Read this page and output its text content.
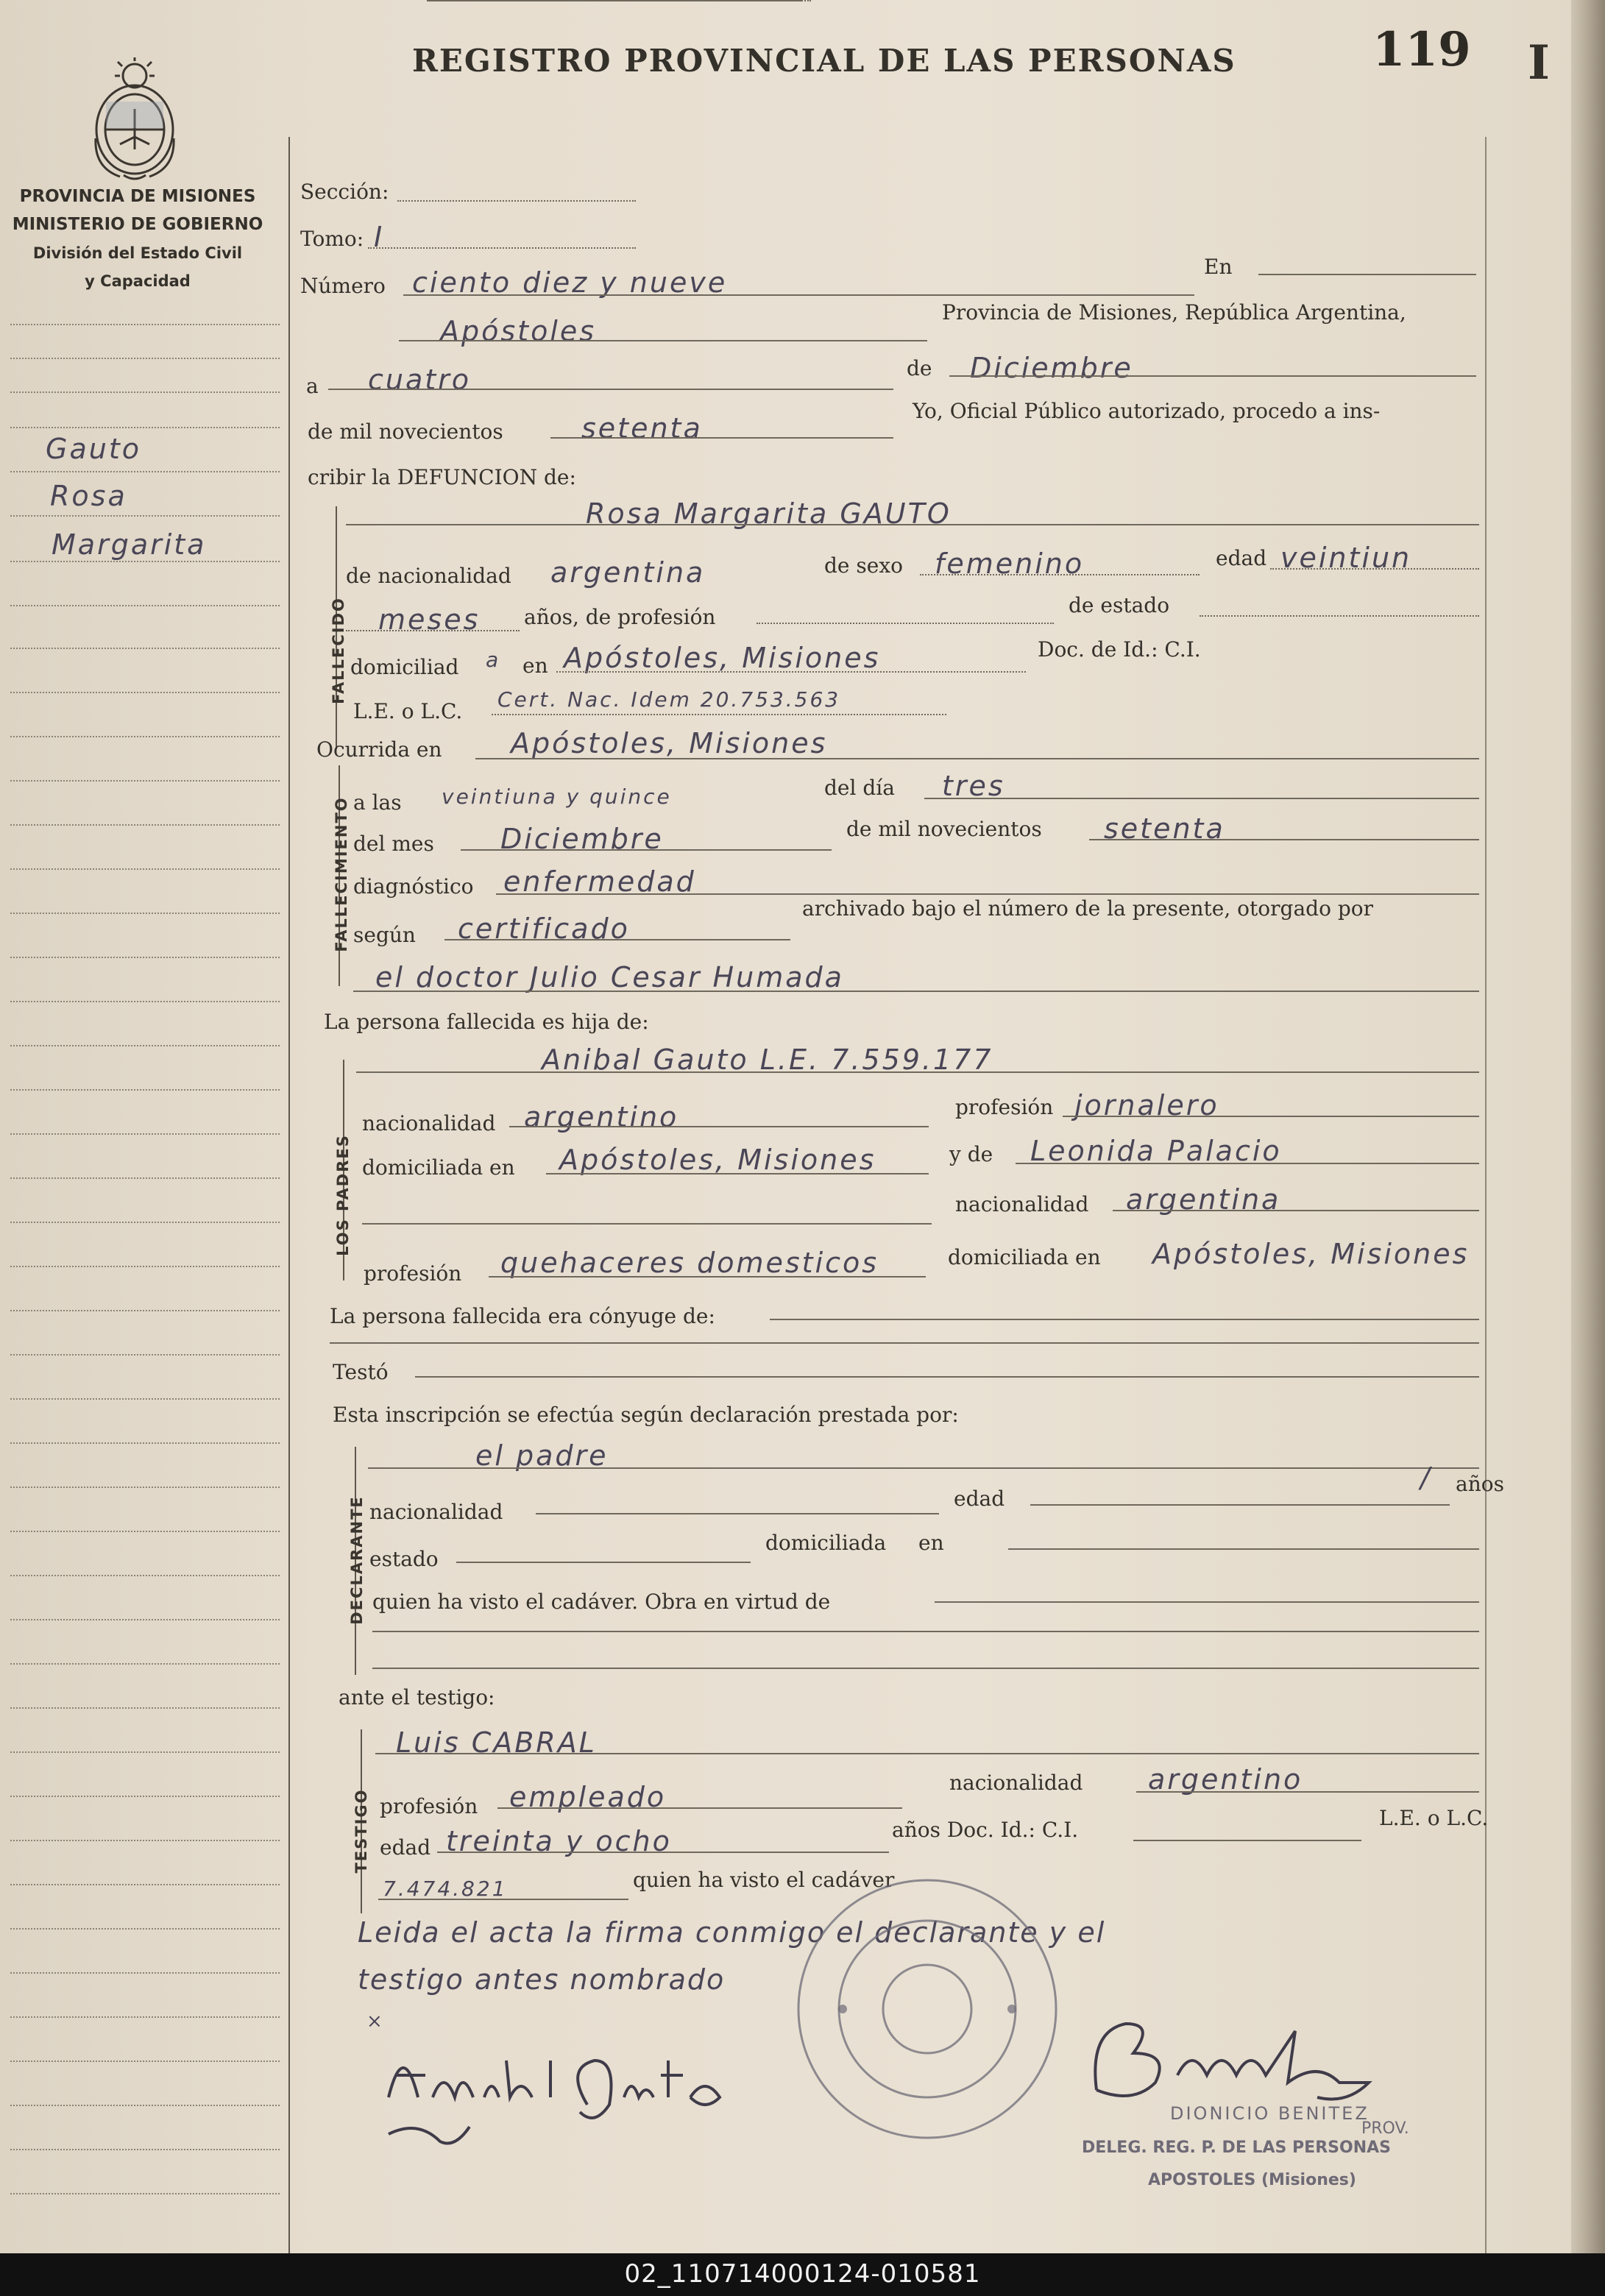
PROVINCIA DE MISIONES
MINISTERIO DE GOBIERNO
División del Estado Civil
y Capacidad
Gauto
Rosa
Margarita
REGISTRO PROVINCIAL DE LAS PERSONAS	119 I
Sección:
Tomo: I
Número ciento diez y nueve	En
Apóstoles
Provincia de Misiones, República Argentina,
a cuatro	de Diciembre
de mil novecientos	setenta
Yo, Oficial Público autorizado, procedo a ins-
cribir la DEFUNCION de:
FALLECIDO
Rosa Margarita GAUTO
de nacionalidad argentina	de sexo femenino	edad veintiun
meses años, de profesión	de estado
domiciliad a en Apóstoles, Misiones	Doc. de Id.: C.I.
L.E. o L.C. Cert. Nac. Idem 20.753.563
Ocurrida en Apóstoles, Misiones
FALLECIMIENTO a las veintiuna y quince	del día tres
del mes Diciembre	de mil novecientos setenta
diagnóstico enfermedad
según certificado
archivado bajo el número de la presente, otorgado por
el doctor Julio Cesar Humada
La persona fallecida es hija de:
LOS PADRES
Anibal Gauto L.E. 7.559.177
nacionalidad argentino	profesión jornalero
domiciliada en Apóstoles, Misiones	y de Leonida Palacio
nacionalidad argentina
profesión quehaceres domesticos	domiciliada en Apóstoles, Misiones
La persona fallecida era cónyuge de:
Testó
Esta inscripción se efectúa según declaración prestada por:
DECLARANTE
el padre
nacionalidad
edad
/ años
estado
domiciliada en
quien ha visto el cadáver. Obra en virtud de
ante el testigo:
TESTIGO
Luis CABRAL
profesión empleado	nacionalidad argentino
edad treinta y ocho	años Doc. Id.: C.I.	L.E. o L.C.
7.474.821	quien ha visto el cadáver
Leida el acta la firma conmigo el declarante y el
testigo antes nombrado
×
DIONICIO BENITEZ
PROV.
DELEG. REG. P. DE LAS PERSONAS
APOSTOLES (Misiones)
02_110714000124-010581
